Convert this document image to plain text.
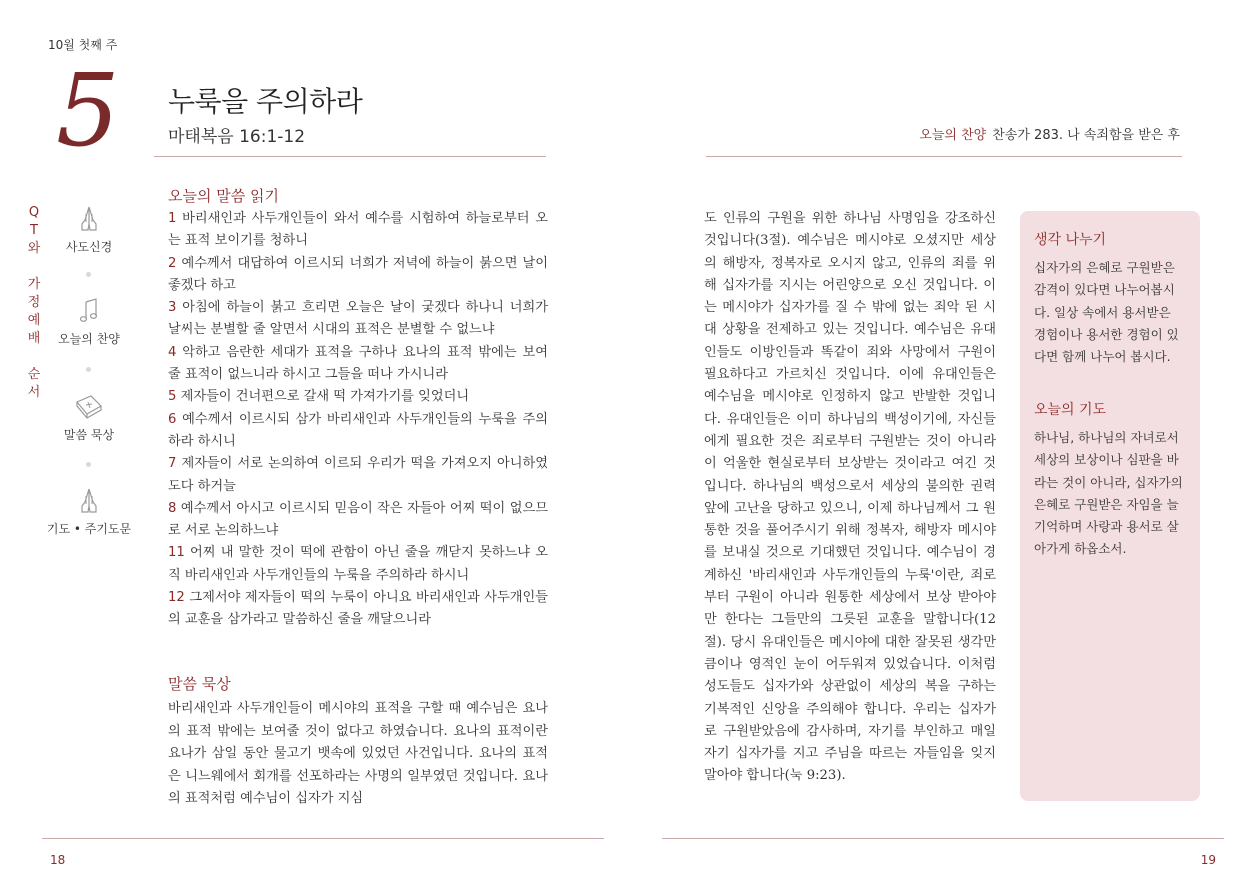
10월 첫째 주
5 누룩을 주의하라
마태복음 16:1-12
Q
T
와

가
정
예
배

순
서
사도신경
오늘의 찬양
말씀 묵상
기도 • 주기도문
오늘의 말씀 읽기

1 바리새인과 사두개인들이 와서 예수를 시험하여 하늘로부터 오는 표적 보이기를 청하니

2 예수께서 대답하여 이르시되 너희가 저녁에 하늘이 붉으면 날이 좋겠다 하고

3 아침에 하늘이 붉고 흐리면 오늘은 날이 궂겠다 하나니 너희가 날씨는 분별할 줄 알면서 시대의 표적은 분별할 수 없느냐

4 악하고 음란한 세대가 표적을 구하나 요나의 표적 밖에는 보여 줄 표적이 없느니라 하시고 그들을 떠나 가시니라

5 제자들이 건너편으로 갈새 떡 가져가기를 잊었더니

6 예수께서 이르시되 삼가 바리새인과 사두개인들의 누룩을 주의하라 하시니

7 제자들이 서로 논의하여 이르되 우리가 떡을 가져오지 아니하였도다 하거늘

8 예수께서 아시고 이르시되 믿음이 작은 자들아 어찌 떡이 없으므로 서로 논의하느냐

11 어찌 내 말한 것이 떡에 관함이 아닌 줄을 깨닫지 못하느냐 오직 바리새인과 사두개인들의 누룩을 주의하라 하시니

12 그제서야 제자들이 떡의 누룩이 아니요 바리새인과 사두개인들의 교훈을 삼가라고 말씀하신 줄을 깨달으니라

말씀 묵상
바리새인과 사두개인들이 메시야의 표적을 구할 때 예수님은 요나의 표적 밖에는 보여줄 것이 없다고 하였습니다. 요나의 표적이란 요나가 삼일 동안 물고기 뱃속에 있었던 사건입니다. 요나의 표적은 니느웨에서 회개를 선포하라는 사명의 일부였던 것입니다. 요나의 표적처럼 예수님이 십자가 지심
18
오늘의 찬양 찬송가 283. 나 속죄함을 받은 후
도 인류의 구원을 위한 하나님 사명임을 강조하신 것입니다(3절). 예수님은 메시야로 오셨지만 세상의 해방자, 정복자로 오시지 않고, 인류의 죄를 위해 십자가를 지시는 어린양으로 오신 것입니다. 이는 메시야가 십자가를 질 수 밖에 없는 죄악 된 시대 상황을 전제하고 있는 것입니다. 예수님은 유대인들도 이방인들과 똑같이 죄와 사망에서 구원이 필요하다고 가르치신 것입니다. 이에 유대인들은 예수님을 메시야로 인정하지 않고 반발한 것입니다. 유대인들은 이미 하나님의 백성이기에, 자신들에게 필요한 것은 죄로부터 구원받는 것이 아니라 이 억울한 현실로부터 보상받는 것이라고 여긴 것입니다. 하나님의 백성으로서 세상의 불의한 권력 앞에 고난을 당하고 있으니, 이제 하나님께서 그 원통한 것을 풀어주시기 위해 정복자, 해방자 메시야를 보내실 것으로 기대했던 것입니다. 예수님이 경계하신 '바리새인과 사두개인들의 누룩'이란, 죄로부터 구원이 아니라 원통한 세상에서 보상 받아야만 한다는 그들만의 그릇된 교훈을 말합니다(12절). 당시 유대인들은 메시야에 대한 잘못된 생각만큼이나 영적인 눈이 어두워져 있었습니다. 이처럼 성도들도 십자가와 상관없이 세상의 복을 구하는 기복적인 신앙을 주의해야 합니다. 우리는 십자가로 구원받았음에 감사하며, 자기를 부인하고 매일 자기 십자가를 지고 주님을 따르는 자들임을 잊지 말아야 합니다(눅 9:23).
생각 나누기
십자가의 은혜로 구원받은 감격이 있다면 나누어봅시다. 일상 속에서 용서받은 경험이나 용서한 경험이 있다면 함께 나누어 봅시다.
오늘의 기도
하나님, 하나님의 자녀로서 세상의 보상이나 심판을 바라는 것이 아니라, 십자가의 은혜로 구원받은 자임을 늘 기억하며 사랑과 용서로 살아가게 하옵소서.
19
